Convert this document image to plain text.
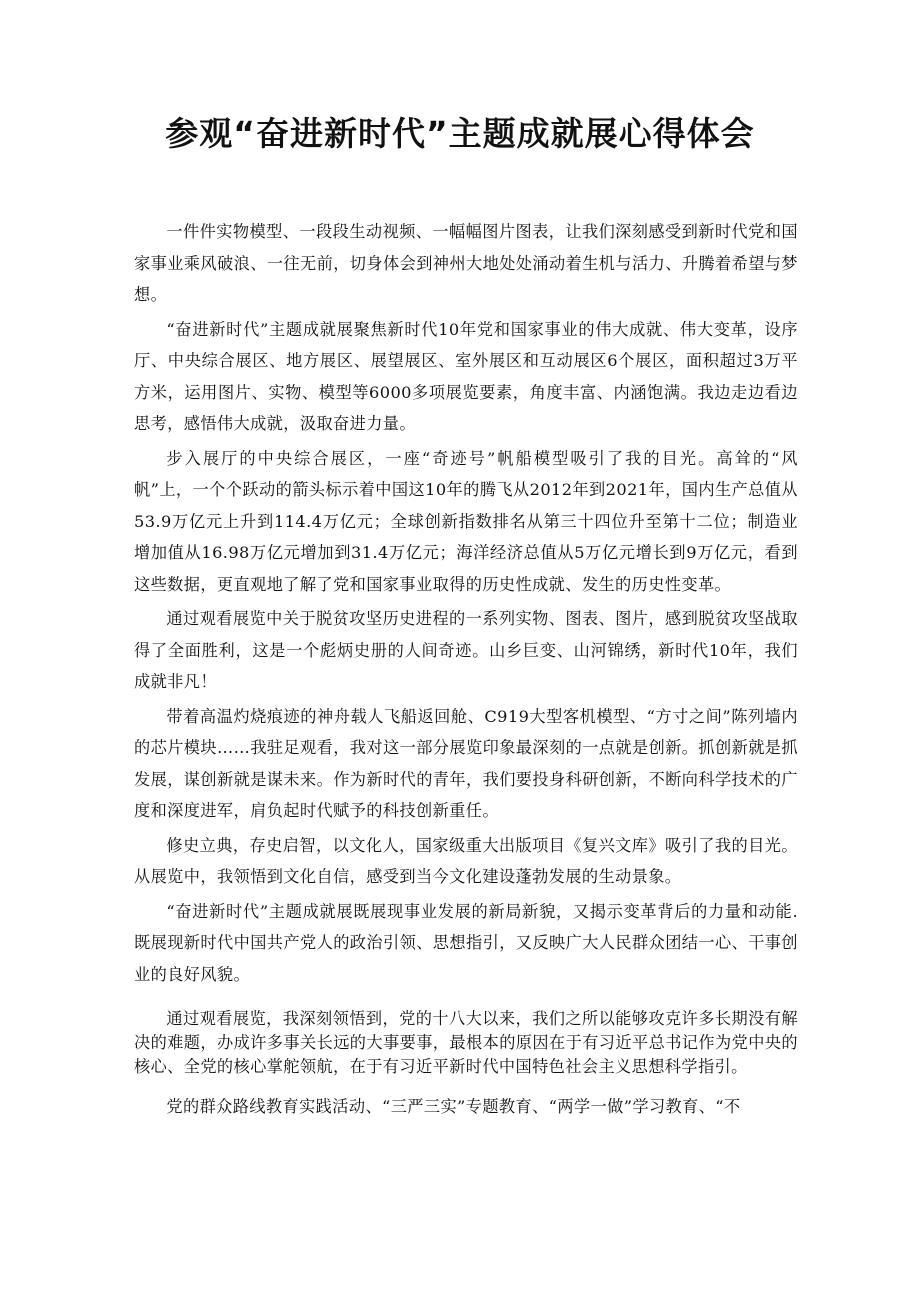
参观“奋进新时代”主题成就展心得体会

一件件实物模型、一段段生动视频、一幅幅图片图表，让我们深刻感受到新时代党和国家事业乘风破浪、一往无前，切身体会到神州大地处处涌动着生机与活力、升腾着希望与梦想。

“奋进新时代”主题成就展聚焦新时代10年党和国家事业的伟大成就、伟大变革，设序厅、中央综合展区、地方展区、展望展区、室外展区和互动展区6个展区，面积超过3万平方米，运用图片、实物、模型等6000多项展览要素，角度丰富、内涵饱满。我边走边看边思考，感悟伟大成就，汲取奋进力量。

步入展厅的中央综合展区，一座“奇迹号”帆船模型吸引了我的目光。高耸的“风帆”上，一个个跃动的箭头标示着中国这10年的腾飞从2012年到2021年，国内生产总值从53.9万亿元上升到114.4万亿元；全球创新指数排名从第三十四位升至第十二位；制造业增加值从16.98万亿元增加到31.4万亿元；海洋经济总值从5万亿元增长到9万亿元，看到这些数据，更直观地了解了党和国家事业取得的历史性成就、发生的历史性变革。

通过观看展览中关于脱贫攻坚历史进程的一系列实物、图表、图片，感到脱贫攻坚战取得了全面胜利，这是一个彪炳史册的人间奇迹。山乡巨变、山河锦绣，新时代10年，我们成就非凡！

带着高温灼烧痕迹的神舟载人飞船返回舱、C919大型客机模型、“方寸之间”陈列墙内的芯片模块……我驻足观看，我对这一部分展览印象最深刻的一点就是创新。抓创新就是抓发展，谋创新就是谋未来。作为新时代的青年，我们要投身科研创新，不断向科学技术的广度和深度进军，肩负起时代赋予的科技创新重任。

修史立典，存史启智，以文化人，国家级重大出版项目《复兴文库》吸引了我的目光。从展览中，我领悟到文化自信，感受到当今文化建设蓬勃发展的生动景象。

“奋进新时代”主题成就展既展现事业发展的新局新貌，又揭示变革背后的力量和动能.既展现新时代中国共产党人的政治引领、思想指引，又反映广大人民群众团结一心、干事创业的良好风貌。

通过观看展览，我深刻领悟到，党的十八大以来，我们之所以能够攻克许多长期没有解决的难题，办成许多事关长远的大事要事，最根本的原因在于有习近平总书记作为党中央的核心、全党的核心掌舵领航，在于有习近平新时代中国特色社会主义思想科学指引。

党的群众路线教育实践活动、“三严三实”专题教育、“两学一做”学习教育、“不
